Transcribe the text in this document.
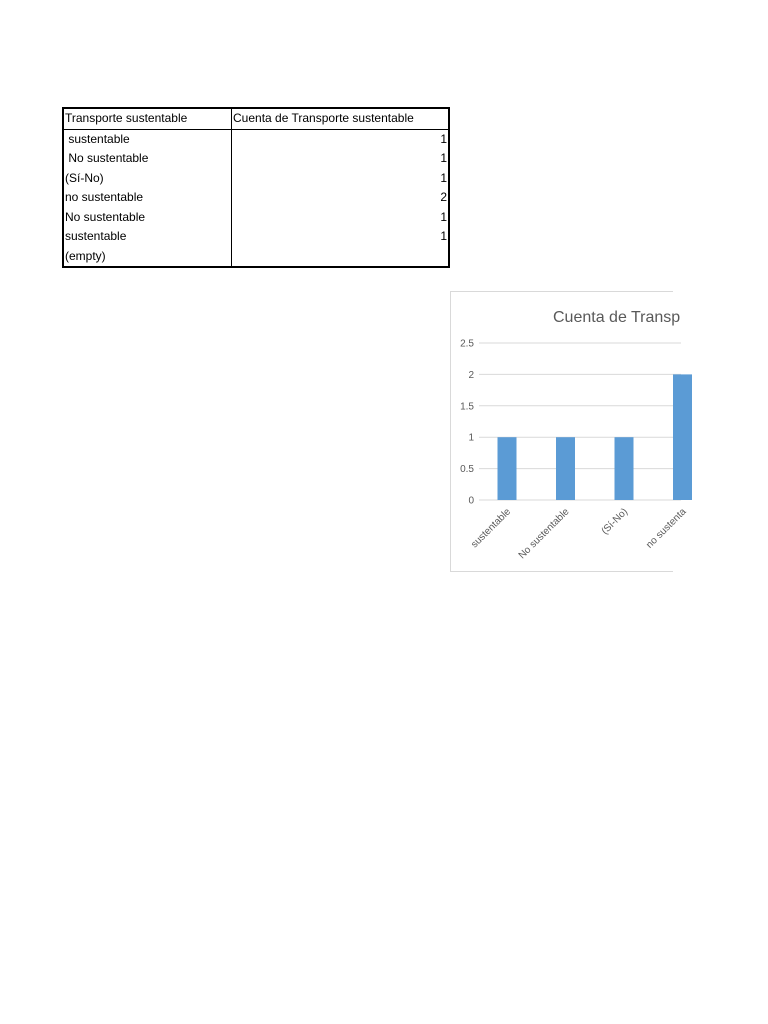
Transporte sustentable	Cuenta de Transporte sustentable
sustentable	1
No sustentable	1
(Sí-No)	1
no sustentable	2
No sustentable	1
sustentable	1
(empty)	
Cuenta de Transp
0
0.5
1
1.5
2
2.5
sustentable No sustentable	(Sí-No) no sustenta
